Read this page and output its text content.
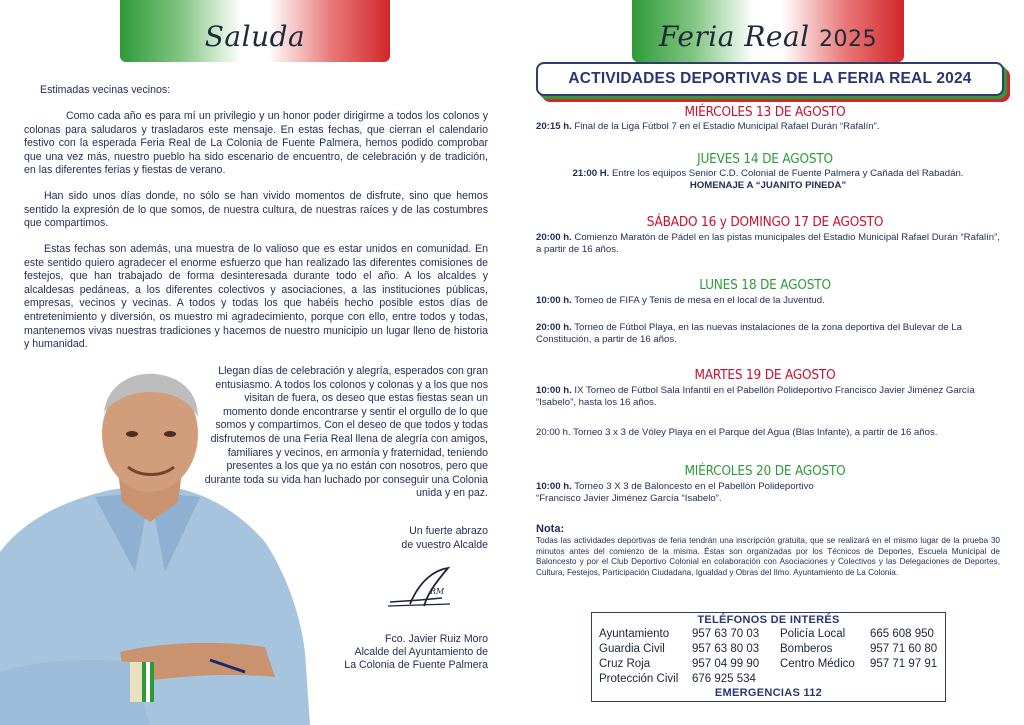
Saluda

Estimadas vecinas vecinos:

Como cada año es para mí un privilegio y un honor poder dirigirme a todos los colonos y colonas para saludaros y trasladaros este mensaje. En estas fechas, que cierran el calendario festivo con la esperada Feria Real de La Colonia de Fuente Palmera, hemos podido comprobar que una vez más, nuestro pueblo ha sido escenario de encuentro, de celebración y de tradición, en las diferentes ferias y fiestas de verano.

Han sido unos días donde, no sólo se han vivido momentos de disfrute, sino que hemos sentido la expresión de lo que somos, de nuestra cultura, de nuestras raíces y de las costumbres que compartimos.

Estas fechas son además, una muestra de lo valioso que es estar unidos en comunidad. En este sentido quiero agradecer el enorme esfuerzo que han realizado las diferentes comisiones de festejos, que han trabajado de forma desinteresada durante todo el año. A los alcaldes y alcaldesas pedáneas, a los diferentes colectivos y asociaciones, a las instituciones públicas, empresas, vecinos y vecinas. A todos y todas los que habéis hecho posible estos días de entretenimiento y diversión, os muestro mi agradecimiento, porque con ello, entre todos y todas, mantenemos vivas nuestras tradiciones y hacemos de nuestro municipio un lugar lleno de historia y humanidad.

Llegan días de celebración y alegría, esperados con gran entusiasmo. A todos los colonos y colonas y a los que nos visitan de fuera, os deseo que estas fiestas sean un momento donde encontrarse y sentir el orgullo de lo que somos y compartimos. Con el deseo de que todos y todas disfrutemos de una Feria Real llena de alegría con amigos, familiares y vecinos, en armonía y fraternidad, teniendo presentes a los que ya no están con nosotros, pero que durante toda su vida han luchado por conseguir una Colonia unida y en paz.

Un fuerte abrazo

de vuestro Alcalde

RM

Fco. Javier Ruiz Moro

Alcalde del Ayuntamiento de

La Colonia de Fuente Palmera

Feria Real 2025
ACTIVIDADES DEPORTIVAS DE LA FERIA REAL 2024
MIÉRCOLES 13 DE AGOSTO
20:15 h. Final de la Liga Fútbol 7 en el Estadio Municipal Rafael Durán “Rafalín”.
JUEVES 14 DE AGOSTO
21:00 H. Entre los equipos Senior C.D. Colonial de Fuente Palmera y Cañada del Rabadán.
HOMENAJE A “JUANITO PINEDA”
SÁBADO 16 y DOMINGO 17 DE AGOSTO
20:00 h. Comienzo Maratón de Pádel en las pistas municipales del Estadio Municipal Rafael Durán “Rafalín”, a partir de 16 años.
LUNES 18 DE AGOSTO
10:00 h. Torneo de FIFA y Tenis de mesa en el local de la Juventud.
20:00 h. Torneo de Fútbol Playa, en las nuevas instalaciones de la zona deportiva del Bulevar de La Constitución, a partir de 16 años.
MARTES 19 DE AGOSTO
10:00 h. IX Torneo de Fútbol Sala Infantil en el Pabellón Polideportivo Francisco Javier Jiménez García “Isabelo”, hasta los 16 años.
20:00 h. Torneo 3 x 3 de Vóley Playa en el Parque del Agua (Blas Infante), a partir de 16 años.
MIÉRCOLES 20 DE AGOSTO
10:00 h. Torneo 3 X 3 de Baloncesto en el Pabellón Polideportivo
“Francisco Javier Jiménez García “Isabelo”.
Nota:
Todas las actividades deportivas de feria tendrán una inscripción gratuita, que se realizará en el mismo lugar de la prueba 30 minutos antes del comienzo de la misma. Éstas son organizadas por los Técnicos de Deportes, Escuela Municipal de Baloncesto y por el Club Deportivo Colonial en colaboración con Asociaciones y Colectivos y las Delegaciones de Deportes, Cultura, Festejos, Participación Ciudadana, Igualdad y Obras del Ilmo. Ayuntamiento de La Colonia.
TELÉFONOS DE INTERÉS
Ayuntamiento 957 63 70 03
Guardia Civil 957 63 80 03
Cruz Roja	957 04 99 90
Protección Civil 676 925 534
Policía Local 665 608 950
Bomberos	957 71 60 80
Centro Médico 957 71 97 91
EMERGENCIAS 112
